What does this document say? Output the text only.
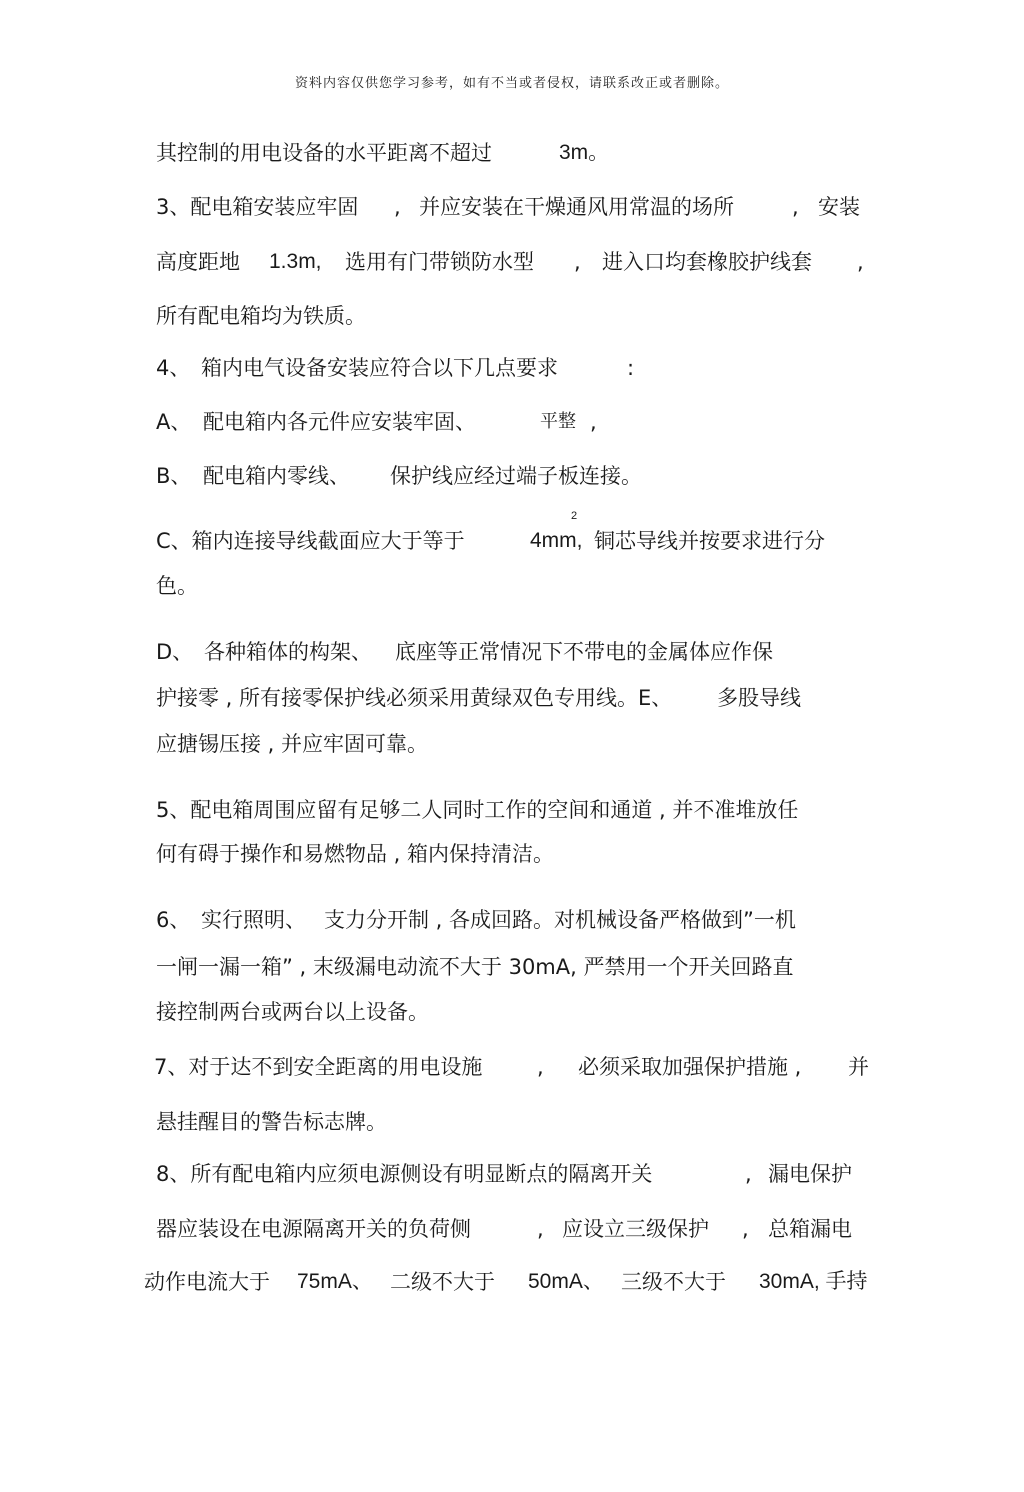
资料内容仅供您学习参考，如有不当或者侵权，请联系改正或者删除。

其控制的用电设备的水平距离不超过

	3m。

3、配电箱安装应牢固

,

并应安装在干燥通风用常温的场所

	,

安装

高度距地

1.3m,

选用有门带锁防水型

,

进入口均套橡胶护线套

,

所有配电箱均为铁质。

4、

箱内电气设备安装应符合以下几点要求

	:

A、

配电箱内各元件应安装牢固、

	平整

,

B、

配电箱内零线、

保护线应经过端子板连接。

C、箱内连接导线截面应大于等于

	4mm,

铜芯导线并按要求进行分

2

色。

D、

各种箱体的构架、

底座等正常情况下不带电的金属体应作保

护接零 , 所有接零保护线必须采用黄绿双色专用线。E、

多股导线

应搪锡压接 , 并应牢固可靠。

5、配电箱周围应留有足够二人同时工作的空间和通道 , 并不准堆放任

何有碍于操作和易燃物品 , 箱内保持清洁。

6、

实行照明、

支力分开制 , 各成回路。对机械设备严格做到”一机

一闸一漏一箱” , 末级漏电动流不大于 30mA, 严禁用一个开关回路直

接控制两台或两台以上设备。

7、对于达不到安全距离的用电设施

	,

必须采取加强保护措施 ,

并

悬挂醒目的警告标志牌。

8、所有配电箱内应须电源侧设有明显断点的隔离开关

	,

漏电保护

器应装设在电源隔离开关的负荷侧

	,

应设立三级保护

,

总箱漏电

动作电流大于

75mA、

二级不大于

50mA、

三级不大于

30mA, 手持
